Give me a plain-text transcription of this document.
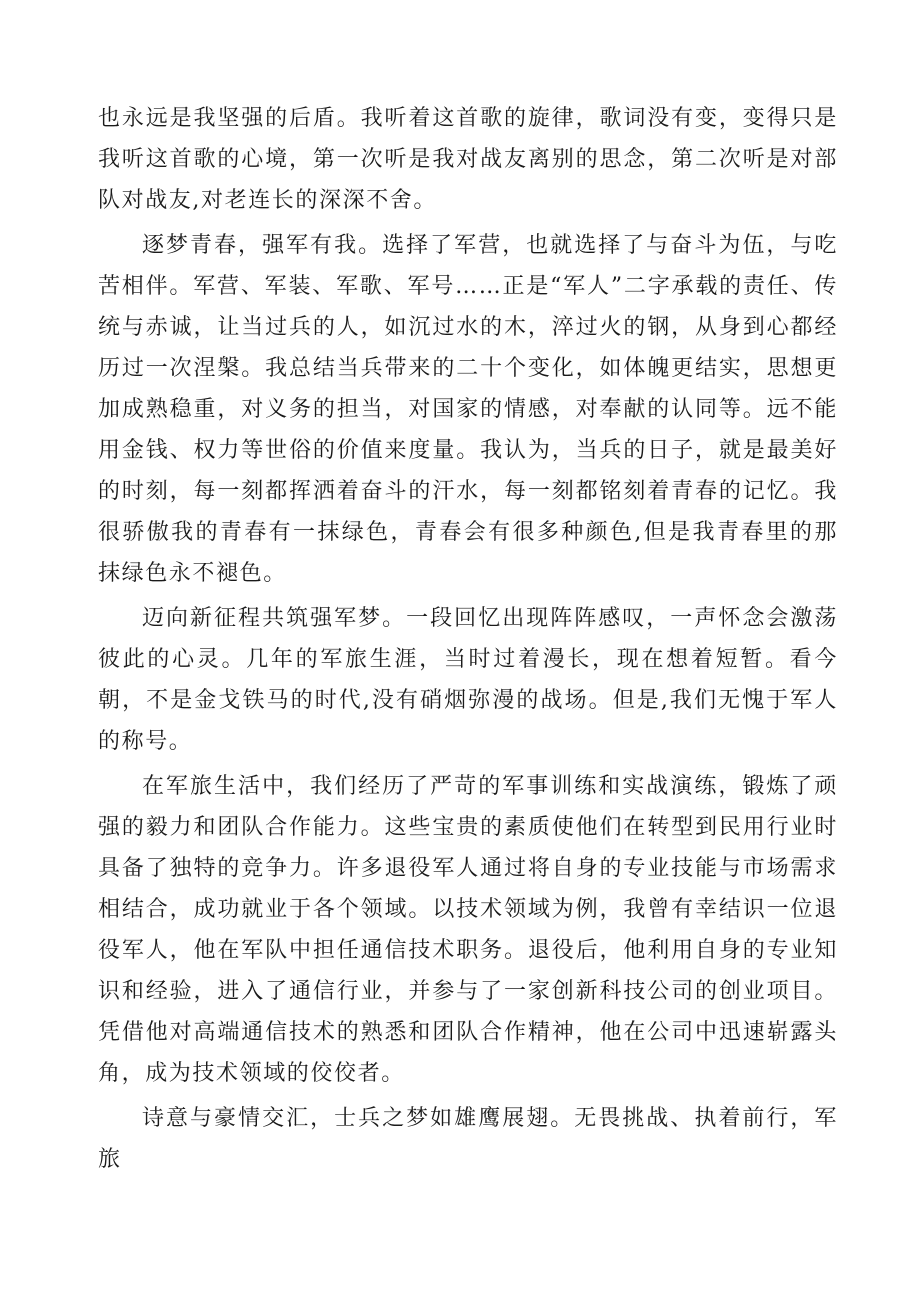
也永远是我坚强的后盾。我听着这首歌的旋律，歌词没有变，变得只是我听这首歌的心境，第一次听是我对战友离别的思念，第二次听是对部队对战友,对老连长的深深不舍。

逐梦青春，强军有我。选择了军营，也就选择了与奋斗为伍，与吃苦相伴。军营、军装、军歌、军号……正是“军人”二字承载的责任、传统与赤诚，让当过兵的人，如沉过水的木，淬过火的钢，从身到心都经历过一次涅槃。我总结当兵带来的二十个变化，如体魄更结实，思想更加成熟稳重，对义务的担当，对国家的情感，对奉献的认同等。远不能用金钱、权力等世俗的价值来度量。我认为，当兵的日子，就是最美好的时刻，每一刻都挥洒着奋斗的汗水，每一刻都铭刻着青春的记忆。我很骄傲我的青春有一抹绿色，青春会有很多种颜色,但是我青春里的那抹绿色永不褪色。

迈向新征程共筑强军梦。一段回忆出现阵阵感叹，一声怀念会激荡彼此的心灵。几年的军旅生涯，当时过着漫长，现在想着短暂。看今朝，不是金戈铁马的时代,没有硝烟弥漫的战场。但是,我们无愧于军人的称号。

在军旅生活中，我们经历了严苛的军事训练和实战演练，锻炼了顽强的毅力和团队合作能力。这些宝贵的素质使他们在转型到民用行业时具备了独特的竞争力。许多退役军人通过将自身的专业技能与市场需求相结合，成功就业于各个领域。以技术领域为例，我曾有幸结识一位退役军人，他在军队中担任通信技术职务。退役后，他利用自身的专业知识和经验，进入了通信行业，并参与了一家创新科技公司的创业项目。凭借他对高端通信技术的熟悉和团队合作精神，他在公司中迅速崭露头角，成为技术领域的佼佼者。

诗意与豪情交汇，士兵之梦如雄鹰展翅。无畏挑战、执着前行，军旅
